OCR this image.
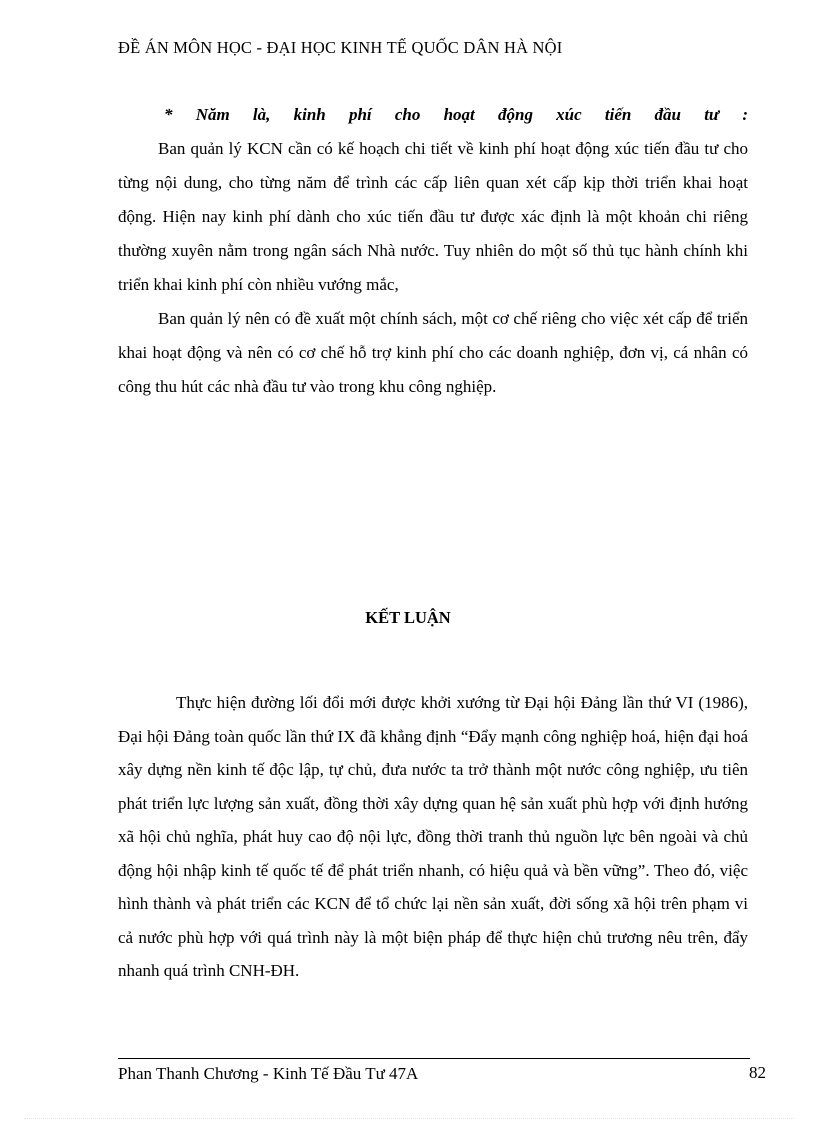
ĐỀ ÁN MÔN HỌC - ĐẠI HỌC KINH TẾ QUỐC DÂN HÀ NỘI

* Năm là, kinh phí cho hoạt động xúc tiến đầu tư :

Ban quản lý KCN cần có kế hoạch chi tiết về kinh phí hoạt động xúc tiến đầu tư cho từng nội dung, cho từng năm để trình các cấp liên quan xét cấp kịp thời triển khai hoạt động. Hiện nay kinh phí dành cho xúc tiến đầu tư được xác định là một khoản chi riêng thường xuyên nằm trong ngân sách Nhà nước. Tuy nhiên do một số thủ tục hành chính khi triển khai kinh phí còn nhiều vướng mắc,

Ban quản lý nên có đề xuất một chính sách, một cơ chế riêng cho việc xét cấp để triển khai hoạt động và nên có cơ chế hỗ trợ kinh phí cho các doanh nghiệp, đơn vị, cá nhân có công thu hút các nhà đầu tư vào trong khu công nghiệp.

KẾT LUẬN

Thực hiện đường lối đổi mới được khởi xướng từ Đại hội Đảng lần thứ VI (1986), Đại hội Đảng toàn quốc lần thứ IX đã khẳng định “Đẩy mạnh công nghiệp hoá, hiện đại hoá xây dựng nền kinh tế độc lập, tự chủ, đưa nước ta trở thành một nước công nghiệp, ưu tiên phát triển lực lượng sản xuất, đồng thời xây dựng quan hệ sản xuất phù hợp với định hướng xã hội chủ nghĩa, phát huy cao độ nội lực, đồng thời tranh thủ nguồn lực bên ngoài và chủ động hội nhập kinh tế quốc tế để phát triển nhanh, có hiệu quả và bền vững”. Theo đó, việc hình thành và phát triển các KCN để tổ chức lại nền sản xuất, đời sống xã hội trên phạm vi cả nước phù hợp với quá trình này là một biện pháp để thực hiện chủ trương nêu trên, đẩy nhanh quá trình CNH-ĐH.

Phan Thanh Chương - Kinh Tế Đầu Tư 47A	82
